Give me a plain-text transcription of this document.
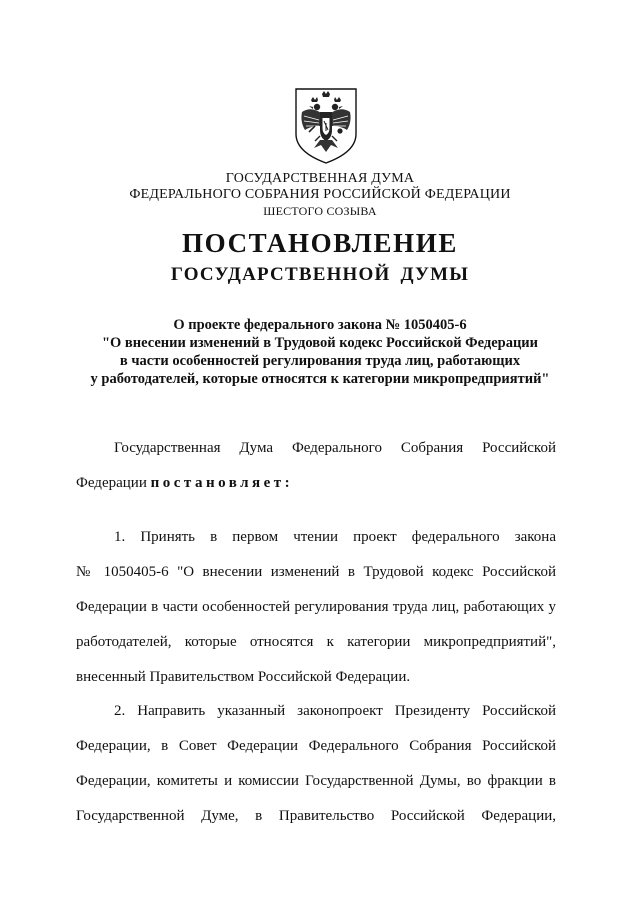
ГОСУДАРСТВЕННАЯ ДУМА
ФЕДЕРАЛЬНОГО СОБРАНИЯ РОССИЙСКОЙ ФЕДЕРАЦИИ
ШЕСТОГО СОЗЫВА
ПОСТАНОВЛЕНИЕ
ГОСУДАРСТВЕННОЙ ДУМЫ
О проекте федерального закона № 1050405-6
"О внесении изменений в Трудовой кодекс Российской Федерации
в части особенностей регулирования труда лиц, работающих
у работодателей, которые относятся к категории микропредприятий"
Государственная Дума Федерального Собрания Российской
Федерации постановляет:
1. Принять в первом чтении проект федерального закона
№ 1050405-6 "О внесении изменений в Трудовой кодекс Российской
Федерации в части особенностей регулирования труда лиц, работающих у
работодателей, которые относятся к категории микропредприятий",
внесенный Правительством Российской Федерации.
2. Направить указанный законопроект Президенту Российской
Федерации, в Совет Федерации Федерального Собрания Российской
Федерации, комитеты и комиссии Государственной Думы, во фракции в
Государственной Думе, в Правительство Российской Федерации,
